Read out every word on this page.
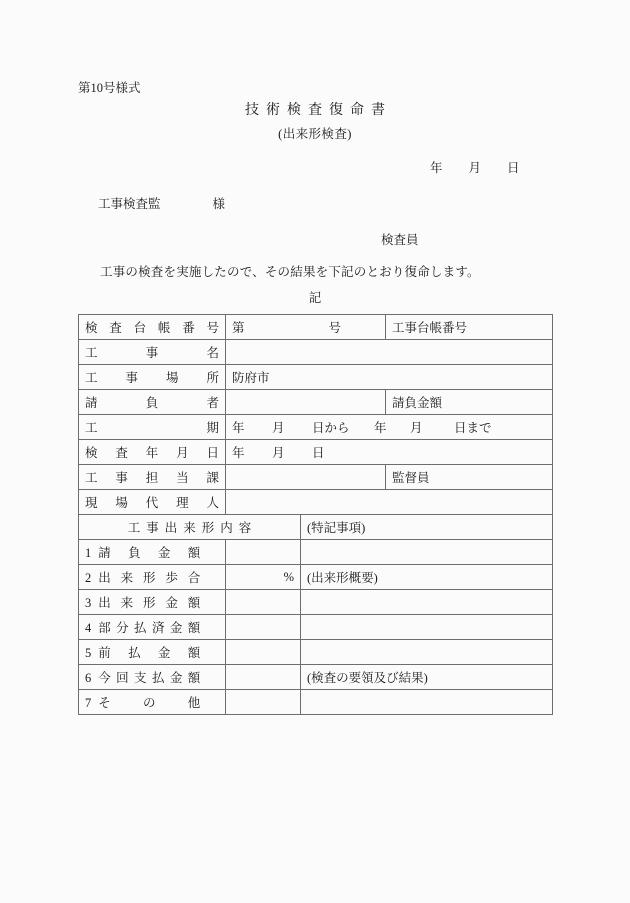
第10号様式
技術検査復命書
(出来形検査)
年 月 日
工事検査監	様
検査員
工事の検査を実施したので、その結果を下記のとおり復命します。
記
検査台帳番号	第 号		工事台帳番号
工事名			
工事場所	防府市		
請負者			請負金額
工期	年 月 日から 年 月 日まで		
検査年月日	年 月 日		
工事担当課			監督員
現場代理人			
工事出来形内容		(特記事項)	
1 請負金額			
2 出来形歩合	%	(出来形概要)	
3 出来形金額			
4 部分払済金額			
5 前払金額			
6 今回支払金額		(検査の要領及び結果)	
7 その他			
